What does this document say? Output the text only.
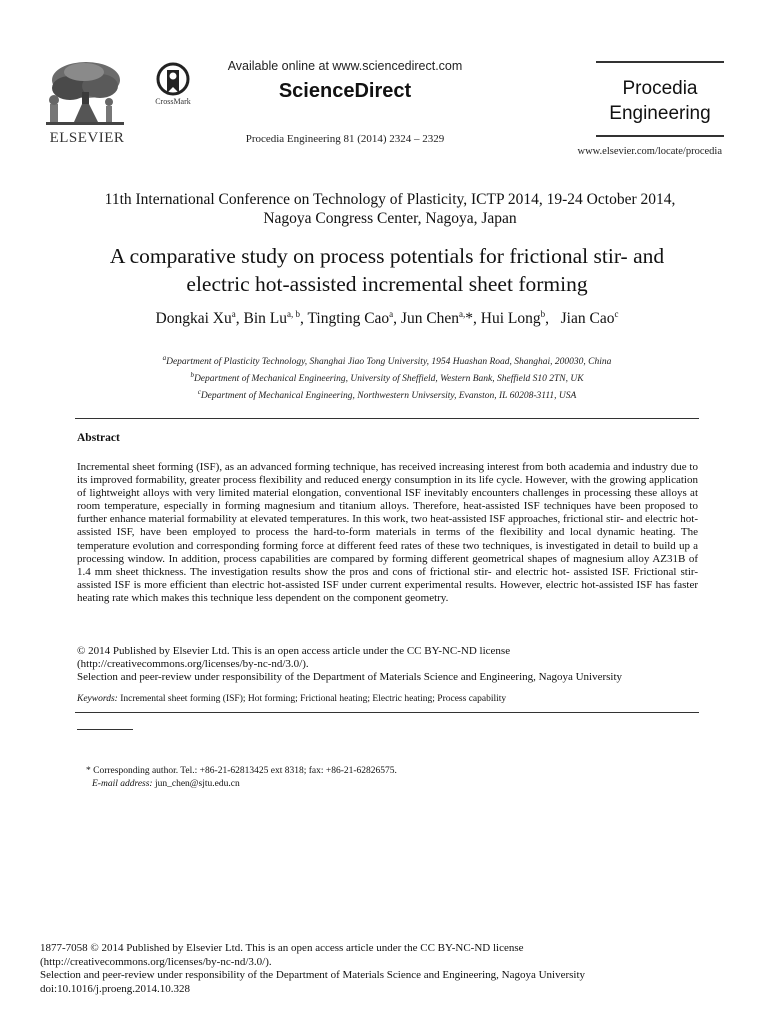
ELSEVIER
CrossMark
Available online at www.sciencedirect.com
ScienceDirect
Procedia Engineering 81 (2014) 2324 – 2329
Procedia
Engineering
www.elsevier.com/locate/procedia
11th International Conference on Technology of Plasticity, ICTP 2014, 19-24 October 2014,
Nagoya Congress Center, Nagoya, Japan
A comparative study on process potentials for frictional stir- and
electric hot-assisted incremental sheet forming
Dongkai Xu$^a$, Bin Lu$^{a, b}$, Tingting Cao$^a$, Jun Chen$^{a,}$*, Hui Long$^b$,   Jian Cao$^c$
$^a$Department of Plasticity Technology, Shanghai Jiao Tong University, 1954 Huashan Road, Shanghai, 200030, China
$^b$Department of Mechanical Engineering, University of Sheffield, Western Bank, Sheffield S10 2TN, UK
$^c$Department of Mechanical Engineering, Northwestern Univsersity, Evanston, IL 60208-3111, USA
Abstract
Incremental sheet forming (ISF), as an advanced forming technique, has received increasing interest from both academia and industry due to its improved formability, greater process flexibility and reduced energy consumption in its life cycle. However, with the growing application of lightweight alloys with very limited material elongation, conventional ISF inevitably encounters challenges in processing these alloys at room temperature, especially in forming magnesium and titanium alloys. Therefore, heat-assisted ISF techniques have been proposed to further enhance material formability at elevated temperatures. In this work, two heat-assisted ISF approaches, frictional stir- and electric hot- assisted ISF, have been employed to process the hard-to-form materials in terms of the flexibility and local dynamic heating. The temperature evolution and corresponding forming force at different feed rates of these two techniques, is investigated in detail to build up a processing window. In addition, process capabilities are compared by forming different geometrical shapes of magnesium alloy AZ31B of 1.4 mm sheet thickness. The investigation results show the pros and cons of frictional stir- and electric hot- assisted ISF. Frictional stir-assisted ISF is more efficient than electric hot-assisted ISF under current experimental results. However, electric hot-assisted ISF has faster heating rate which makes this technique less dependent on the component geometry.
© 2014 Published by Elsevier Ltd. This is an open access article under the CC BY-NC-ND license
(http://creativecommons.org/licenses/by-nc-nd/3.0/).
Selection and peer-review under responsibility of the Department of Materials Science and Engineering, Nagoya University
Keywords: Incremental sheet forming (ISF); Hot forming; Frictional heating; Electric heating; Process capability
* Corresponding author. Tel.: +86-21-62813425 ext 8318; fax: +86-21-62826575.
E-mail address: jun_chen@sjtu.edu.cn
1877-7058 © 2014 Published by Elsevier Ltd. This is an open access article under the CC BY-NC-ND license
(http://creativecommons.org/licenses/by-nc-nd/3.0/).
Selection and peer-review under responsibility of the Department of Materials Science and Engineering, Nagoya University
doi:10.1016/j.proeng.2014.10.328
